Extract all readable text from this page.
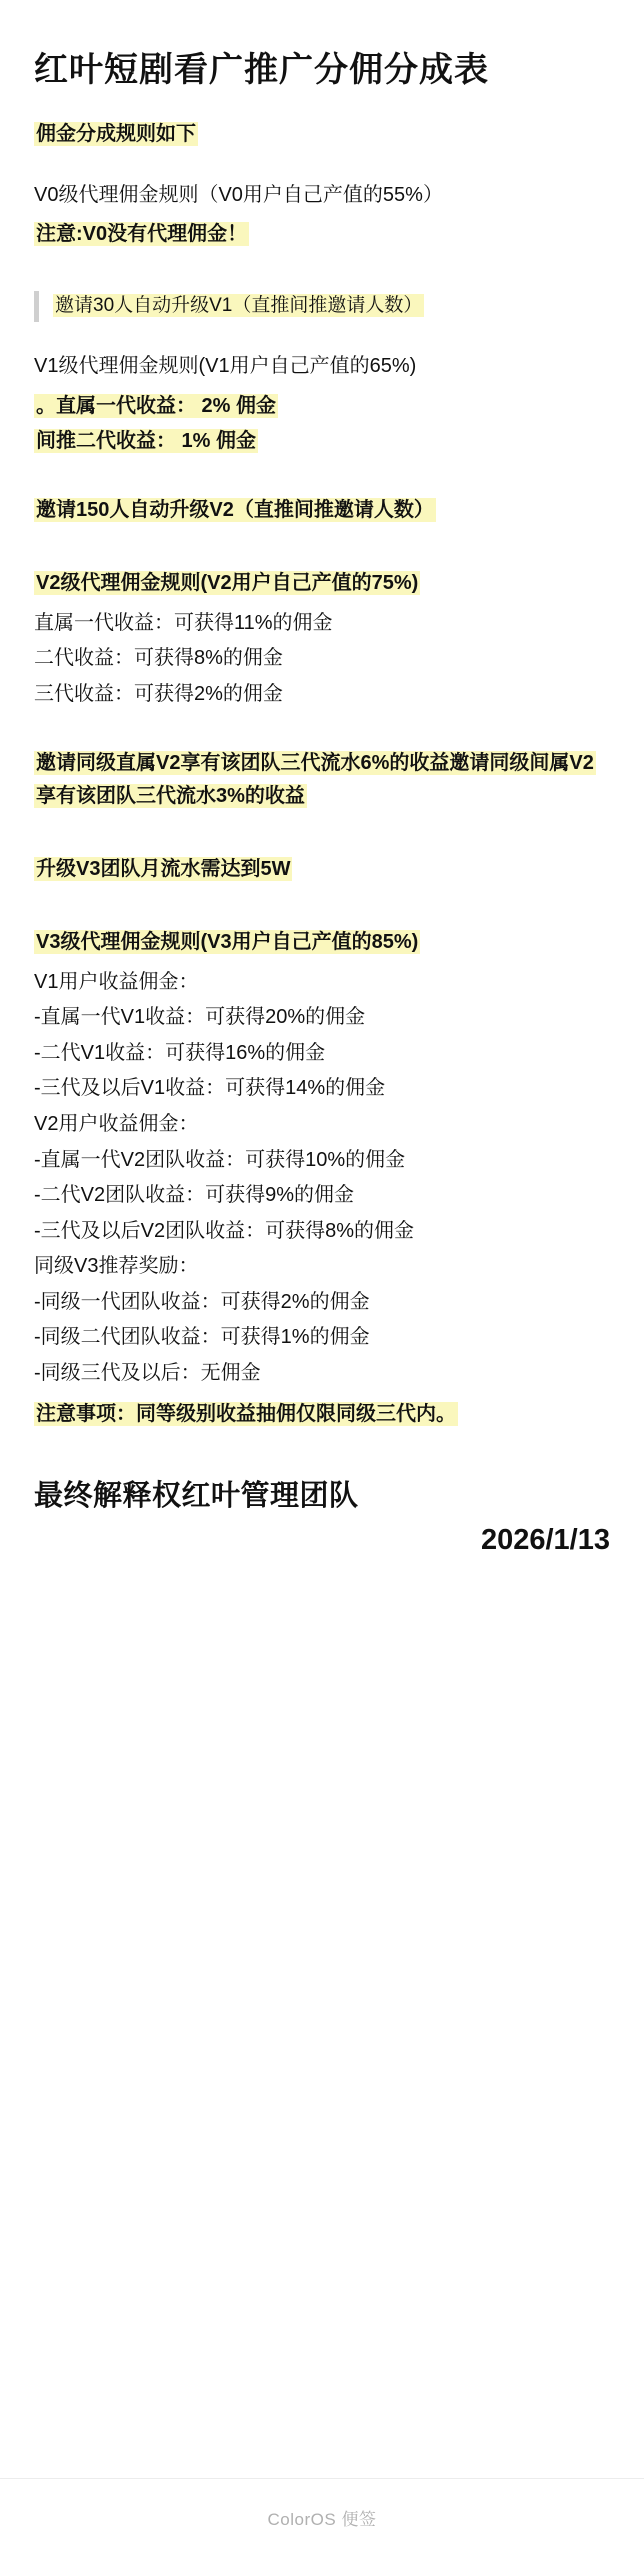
红叶短剧看广推广分佣分成表

佣金分成规则如下

V0级代理佣金规则（V0用户自己产值的55%）

注意:V0没有代理佣金！

邀请30人自动升级V1（直推间推邀请人数）

V1级代理佣金规则(V1用户自己产值的65%)

。直属一代收益： 2% 佣金

间推二代收益： 1% 佣金

邀请150人自动升级V2（直推间推邀请人数）

V2级代理佣金规则(V2用户自己产值的75%)

直属一代收益：可获得11%的佣金

二代收益：可获得8%的佣金

三代收益：可获得2%的佣金

邀请同级直属V2享有该团队三代流水6%的收益邀请同级间属V2享有该团队三代流水3%的收益

升级V3团队月流水需达到5W

V3级代理佣金规则(V3用户自己产值的85%)

V1用户收益佣金：

-直属一代V1收益：可获得20%的佣金

-二代V1收益：可获得16%的佣金

-三代及以后V1收益：可获得14%的佣金

V2用户收益佣金：

-直属一代V2团队收益：可获得10%的佣金

-二代V2团队收益：可获得9%的佣金

-三代及以后V2团队收益：可获得8%的佣金

同级V3推荐奖励：

-同级一代团队收益：可获得2%的佣金

-同级二代团队收益：可获得1%的佣金

-同级三代及以后：无佣金

注意事项：同等级别收益抽佣仅限同级三代内。

最终解释权红叶管理团队

2026/1/13

ColorOS 便签
